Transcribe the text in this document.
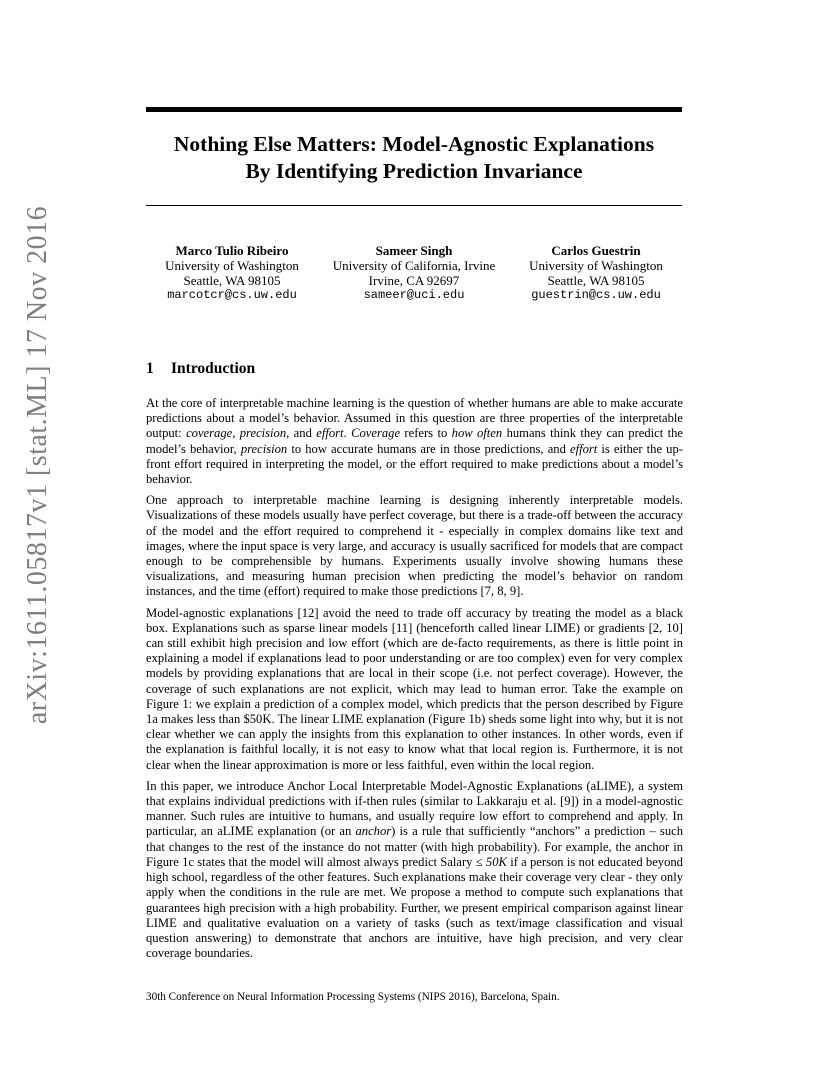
arXiv:1611.05817v1 [stat.ML] 17 Nov 2016
Nothing Else Matters: Model-Agnostic Explanations
By Identifying Prediction Invariance
Marco Tulio Ribeiro
University of Washington
Seattle, WA 98105
marcotcr@cs.uw.edu
Sameer Singh
University of California, Irvine
Irvine, CA 92697
sameer@uci.edu
Carlos Guestrin
University of Washington
Seattle, WA 98105
guestrin@cs.uw.edu
1 Introduction

At the core of interpretable machine learning is the question of whether humans are able to make accurate predictions about a model’s behavior. Assumed in this question are three properties of the interpretable output: coverage, precision, and effort. Coverage refers to how often humans think they can predict the model’s behavior, precision to how accurate humans are in those predictions, and effort is either the up-front effort required in interpreting the model, or the effort required to make predictions about a model’s behavior.

One approach to interpretable machine learning is designing inherently interpretable models. Visualizations of these models usually have perfect coverage, but there is a trade-off between the accuracy of the model and the effort required to comprehend it - especially in complex domains like text and images, where the input space is very large, and accuracy is usually sacrificed for models that are compact enough to be comprehensible by humans. Experiments usually involve showing humans these visualizations, and measuring human precision when predicting the model’s behavior on random instances, and the time (effort) required to make those predictions [7, 8, 9].

Model-agnostic explanations [12] avoid the need to trade off accuracy by treating the model as a black box. Explanations such as sparse linear models [11] (henceforth called linear LIME) or gradients [2, 10] can still exhibit high precision and low effort (which are de-facto requirements, as there is little point in explaining a model if explanations lead to poor understanding or are too complex) even for very complex models by providing explanations that are local in their scope (i.e. not perfect coverage). However, the coverage of such explanations are not explicit, which may lead to human error. Take the example on Figure 1: we explain a prediction of a complex model, which predicts that the person described by Figure 1a makes less than $50K. The linear LIME explanation (Figure 1b) sheds some light into why, but it is not clear whether we can apply the insights from this explanation to other instances. In other words, even if the explanation is faithful locally, it is not easy to know what that local region is. Furthermore, it is not clear when the linear approximation is more or less faithful, even within the local region.

In this paper, we introduce Anchor Local Interpretable Model-Agnostic Explanations (aLIME), a system that explains individual predictions with if-then rules (similar to Lakkaraju et al. [9]) in a model-agnostic manner. Such rules are intuitive to humans, and usually require low effort to comprehend and apply. In particular, an aLIME explanation (or an anchor) is a rule that sufficiently “anchors” a prediction – such that changes to the rest of the instance do not matter (with high probability). For example, the anchor in Figure 1c states that the model will almost always predict Salary ≤ 50K if a person is not educated beyond high school, regardless of the other features. Such explanations make their coverage very clear - they only apply when the conditions in the rule are met. We propose a method to compute such explanations that guarantees high precision with a high probability. Further, we present empirical comparison against linear LIME and qualitative evaluation on a variety of tasks (such as text/image classification and visual question answering) to demonstrate that anchors are intuitive, have high precision, and very clear coverage boundaries.

30th Conference on Neural Information Processing Systems (NIPS 2016), Barcelona, Spain.
